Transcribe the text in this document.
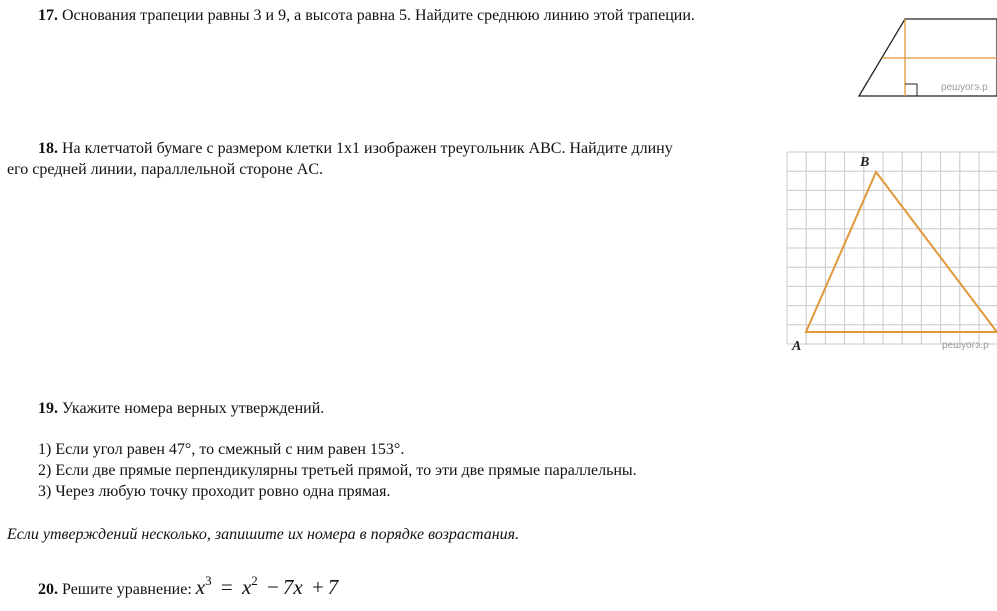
17. Основания трапеции равны 3 и 9, а высота равна 5. Найдите среднюю линию этой трапеции.
решуогэ.р
18. На клетчатой бумаге с размером клетки 1x1 изображен треугольник ABC. Найдите длину
его средней линии, параллельной стороне AC.
A
B
решуогэ.р
19. Укажите номера верных утверждений.
1) Если угол равен 47°, то смежный с ним равен 153°.
2) Если две прямые перпендикулярны третьей прямой, то эти две прямые параллельны.
3) Через любую точку проходит ровно одна прямая.
Если утверждений несколько, запишите их номера в порядке возрастания.
20. Решите уравнение: $x^3 = x^2 - 7x + 7$
